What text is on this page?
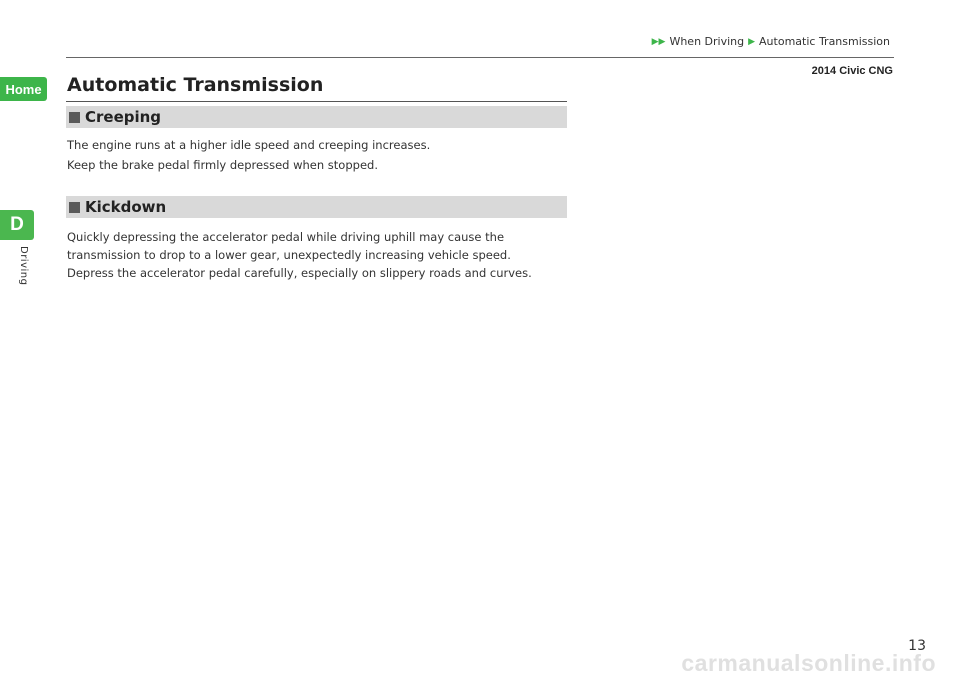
Home
D
Driving
▶▶ When Driving ▶ Automatic Transmission
2014 Civic CNG
Automatic Transmission
Creeping

The engine runs at a higher idle speed and creeping increases.

Keep the brake pedal firmly depressed when stopped.

Kickdown

Quickly depressing the accelerator pedal while driving uphill may cause the transmission to drop to a lower gear, unexpectedly increasing vehicle speed. Depress the accelerator pedal carefully, especially on slippery roads and curves.

13
carmanualsonline.info
